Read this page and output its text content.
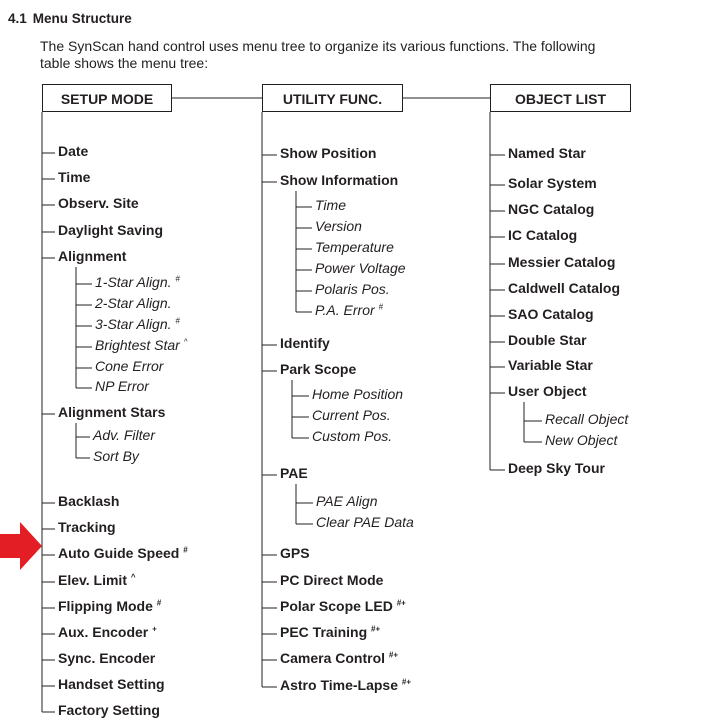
4.1 Menu Structure
The SynScan hand control uses menu tree to organize its various functions. The following
table shows the menu tree:
SETUP MODE
Date
Time
Observ. Site
Daylight Saving
Alignment
1-Star Align. #
2-Star Align.
3-Star Align. #
Brightest Star ^
Cone Error
NP Error
Alignment Stars
Adv. Filter
Sort By
Backlash
Tracking
Auto Guide Speed #
Elev. Limit ^
Flipping Mode #
Aux. Encoder +
Sync. Encoder
Handset Setting
Factory Setting
UTILITY FUNC.
Show Position
Show Information
Time
Version
Temperature
Power Voltage
Polaris Pos.
P.A. Error #
Identify
Park Scope
Home Position
Current Pos.
Custom Pos.
PAE
PAE Align
Clear PAE Data
GPS
PC Direct Mode
Polar Scope LED #+
PEC Training #+
Camera Control #+
Astro Time-Lapse #+
OBJECT LIST
Named Star
Solar System
NGC Catalog
IC Catalog
Messier Catalog
Caldwell Catalog
SAO Catalog
Double Star
Variable Star
User Object
Recall Object
New Object
Deep Sky Tour
